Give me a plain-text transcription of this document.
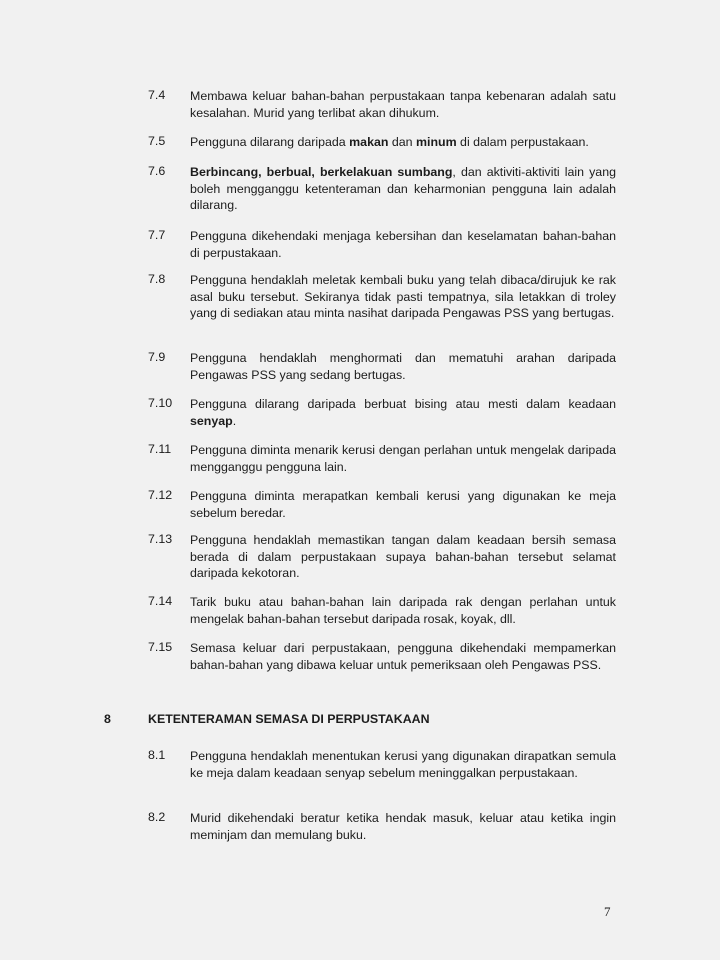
7.4	Membawa keluar bahan-bahan perpustakaan tanpa kebenaran adalah satu kesalahan. Murid yang terlibat akan dihukum.
7.5	Pengguna dilarang daripada makan dan minum di dalam perpustakaan.
7.6	Berbincang, berbual, berkelakuan sumbang, dan aktiviti-aktiviti lain yang boleh mengganggu ketenteraman dan keharmonian pengguna lain adalah dilarang.
7.7	Pengguna dikehendaki menjaga kebersihan dan keselamatan bahan-bahan di perpustakaan.
7.8	Pengguna hendaklah meletak kembali buku yang telah dibaca/dirujuk ke rak asal buku tersebut. Sekiranya tidak pasti tempatnya, sila letakkan di troley yang di sediakan atau minta nasihat daripada Pengawas PSS yang bertugas.
7.9	Pengguna hendaklah menghormati dan mematuhi arahan daripada Pengawas PSS yang sedang bertugas.
7.10	Pengguna dilarang daripada berbuat bising atau mesti dalam keadaan senyap.
7.11	Pengguna diminta menarik kerusi dengan perlahan untuk mengelak daripada mengganggu pengguna lain.
7.12	Pengguna diminta merapatkan kembali kerusi yang digunakan ke meja sebelum beredar.
7.13	Pengguna hendaklah memastikan tangan dalam keadaan bersih semasa berada di dalam perpustakaan supaya bahan-bahan tersebut selamat daripada kekotoran.
7.14	Tarik buku atau bahan-bahan lain daripada rak dengan perlahan untuk mengelak bahan-bahan tersebut daripada rosak, koyak, dll.
7.15	Semasa keluar dari perpustakaan, pengguna dikehendaki mempamerkan bahan-bahan yang dibawa keluar untuk pemeriksaan oleh Pengawas PSS.
8	KETENTERAMAN SEMASA DI PERPUSTAKAAN
8.1	Pengguna hendaklah menentukan kerusi yang digunakan dirapatkan semula ke meja dalam keadaan senyap sebelum meninggalkan perpustakaan.
8.2	Murid dikehendaki beratur ketika hendak masuk, keluar atau ketika ingin meminjam dan memulang buku.
7
